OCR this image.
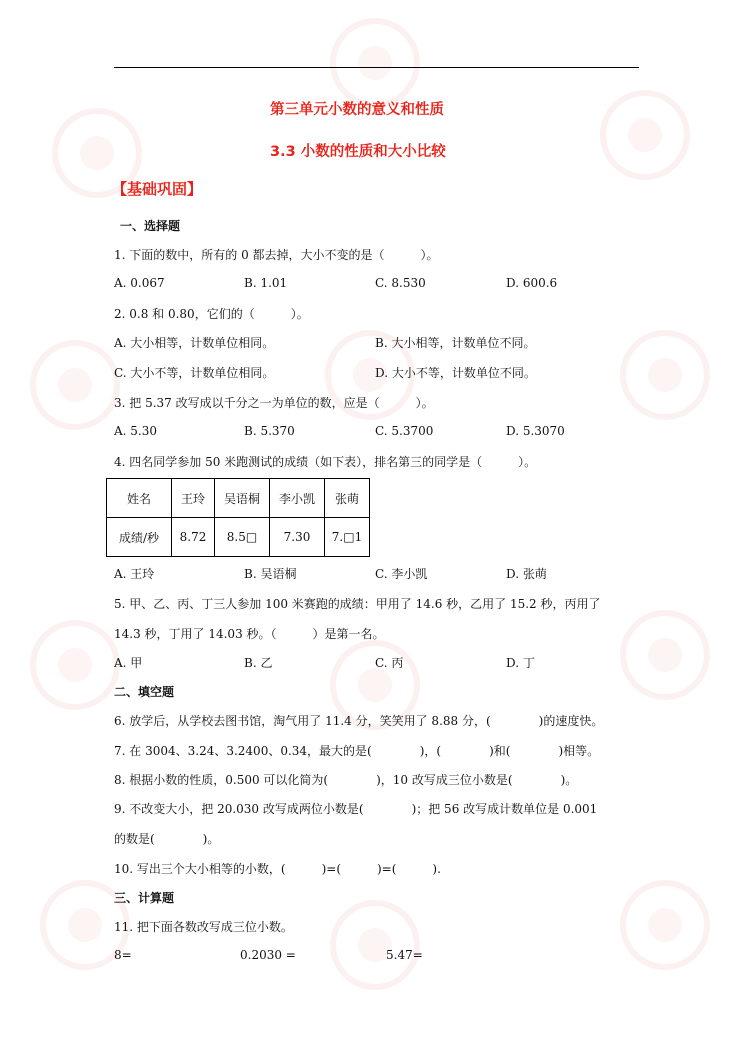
第三单元小数的意义和性质
3.3 小数的性质和大小比较
【基础巩固】
一、选择题
1. 下面的数中，所有的 0 都去掉，大小不变的是（　　　）。
A. 0.067	B. 1.01	C. 8.530	D. 600.6
2. 0.8 和 0.80，它们的（　　　）。
A. 大小相等，计数单位相同。	B. 大小相等，计数单位不同。
C. 大小不等，计数单位相同。	D. 大小不等，计数单位不同。
3. 把 5.37 改写成以千分之一为单位的数，应是（　　　）。
A. 5.30	B. 5.370	C. 5.3700	D. 5.3070
4. 四名同学参加 50 米跑测试的成绩（如下表），排名第三的同学是（　　　）。
姓名	王玲	吴语桐	李小凯	张萌
成绩/秒	8.72	8.5□	7.30	7.□1
A. 王玲	B. 吴语桐	C. 李小凯	D. 张萌
5. 甲、乙、丙、丁三人参加 100 米赛跑的成绩：甲用了 14.6 秒，乙用了 15.2 秒，丙用了
14.3 秒，丁用了 14.03 秒。（　　　）是第一名。
A. 甲	B. 乙	C. 丙	D. 丁
二、填空题
6. 放学后，从学校去图书馆，淘气用了 11.4 分，笑笑用了 8.88 分，(　　　　)的速度快。
7. 在 3004、3.24、3.2400、0.34，最大的是(　　　　)，(　　　　)和(　　　　)相等。
8. 根据小数的性质，0.500 可以化简为(　　　　)，10 改写成三位小数是(　　　　)。
9. 不改变大小，把 20.030 改写成两位小数是(　　　　)；把 56 改写成计数单位是 0.001
的数是(　　　　)。
10. 写出三个大小相等的小数，(　　　)=(　　　)=(　　　).
三、计算题
11. 把下面各数改写成三位小数。
8=	0.2030 =	5.47=
